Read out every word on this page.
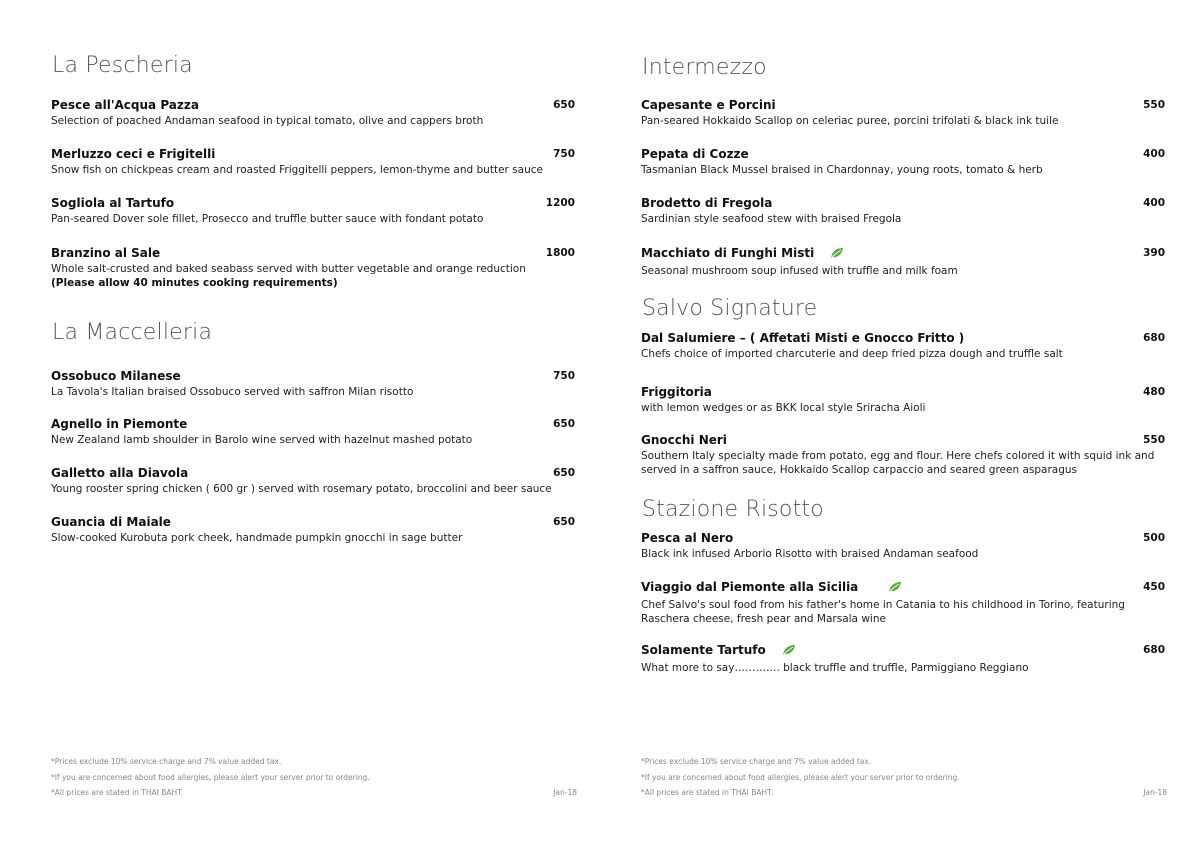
La Pescheria
Pesce all'Acqua Pazza	650
Selection of poached Andaman seafood in typical tomato, olive and cappers broth
Merluzzo ceci e Frigitelli	750
Snow fish on chickpeas cream and roasted Friggitelli peppers, lemon-thyme and butter sauce
Sogliola al Tartufo	1200
Pan-seared Dover sole fillet, Prosecco and truffle butter sauce with fondant potato
Branzino al Sale	1800
Whole salt-crusted and baked seabass served with butter vegetable and orange reduction
(Please allow 40 minutes cooking requirements)
La Maccelleria
Ossobuco Milanese	750
La Tavola's Italian braised Ossobuco served with saffron Milan risotto
Agnello in Piemonte	650
New Zealand lamb shoulder in Barolo wine served with hazelnut mashed potato
Galletto alla Diavola	650
Young rooster spring chicken ( 600 gr ) served with rosemary potato, broccolini and beer sauce
Guancia di Maiale	650
Slow-cooked Kurobuta pork cheek, handmade pumpkin gnocchi in sage butter
*Prices exclude 10% service charge and 7% value added tax.
*If you are concerned about food allergies, please alert your server prior to ordering.
*All prices are stated in THAI BAHT.	Jan-18
Intermezzo
Capesante e Porcini	550
Pan-seared Hokkaido Scallop on celeriac puree, porcini trifolati & black ink tuile
Pepata di Cozze	400
Tasmanian Black Mussel braised in Chardonnay, young roots, tomato & herb
Brodetto di Fregola	400
Sardinian style seafood stew with braised Fregola
Macchiato di Funghi Misti	390
Seasonal mushroom soup infused with truffle and milk foam
Salvo Signature
Dal Salumiere – ( Affetati Misti e Gnocco Fritto )	680
Chefs choice of imported charcuterie and deep fried pizza dough and truffle salt
Friggitoria	480
with lemon wedges or as BKK local style Sriracha Aioli
Gnocchi Neri	550
Southern Italy specialty made from potato, egg and flour. Here chefs colored it with squid ink and served in a saffron sauce, Hokkaido Scallop carpaccio and seared green asparagus
Stazione Risotto
Pesca al Nero	500
Black ink infused Arborio Risotto with braised Andaman seafood
Viaggio dal Piemonte alla Sicilia	450
Chef Salvo's soul food from his father's home in Catania to his childhood in Torino, featuring Raschera cheese, fresh pear and Marsala wine
Solamente Tartufo	680
What more to say…………. black truffle and truffle, Parmiggiano Reggiano
*Prices exclude 10% service charge and 7% value added tax.
*If you are concerned about food allergies, please alert your server prior to ordering.
*All prices are stated in THAI BAHT.	Jan-18
